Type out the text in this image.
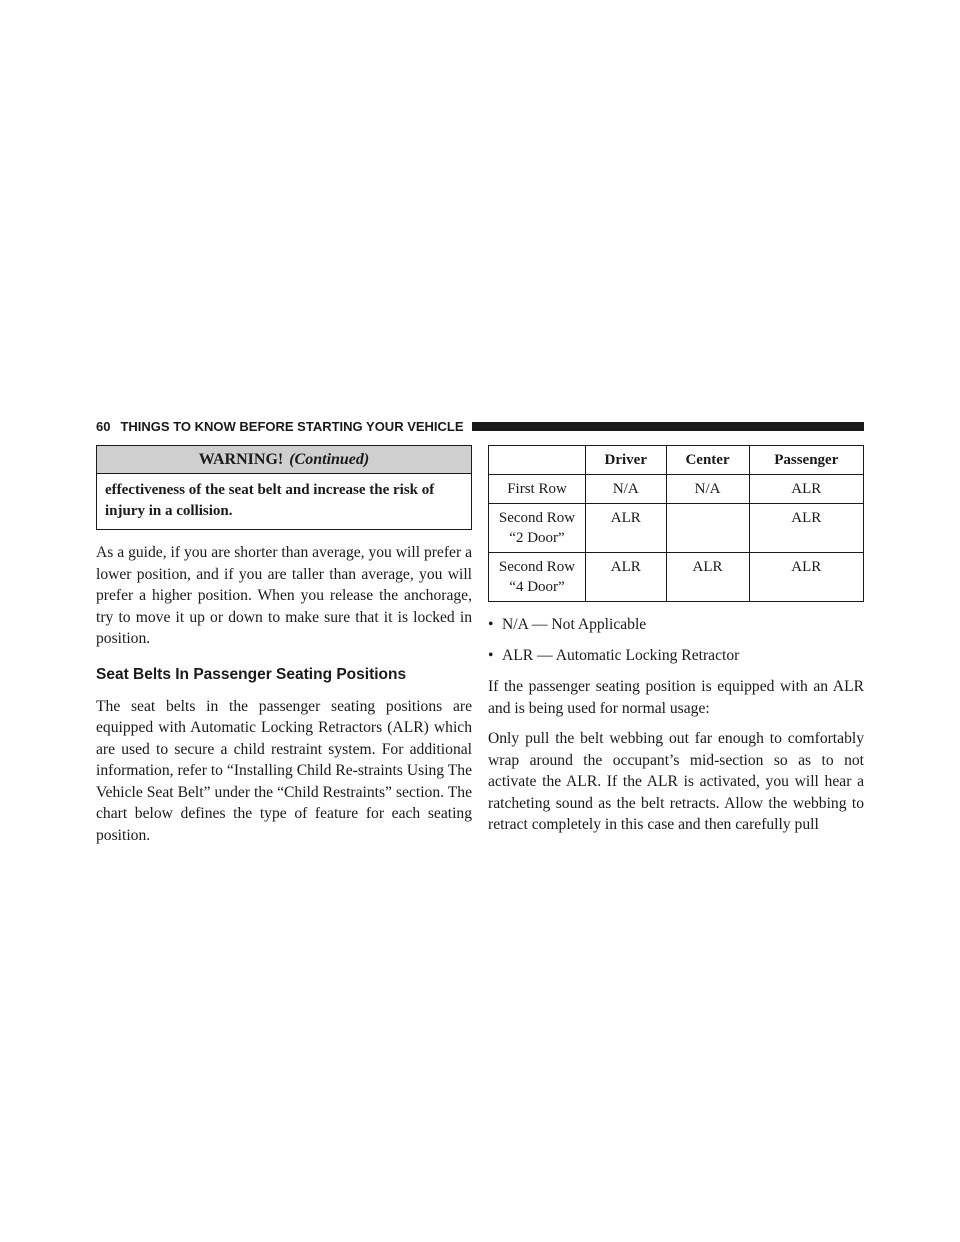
60 THINGS TO KNOW BEFORE STARTING YOUR VEHICLE
WARNING! (Continued)
effectiveness of the seat belt and increase the risk of injury in a collision.

As a guide, if you are shorter than average, you will prefer a lower position, and if you are taller than average, you will prefer a higher position. When you release the anchorage, try to move it up or down to make sure that it is locked in position.

Seat Belts In Passenger Seating Positions

The seat belts in the passenger seating positions are equipped with Automatic Locking Retractors (ALR) which are used to secure a child restraint system. For additional information, refer to “Installing Child Re-straints Using The Vehicle Seat Belt” under the “Child Restraints” section. The chart below defines the type of feature for each seating position.

	Driver	Center	Passenger
First Row	N/A	N/A	ALR
Second Row “2 Door”	ALR		ALR
Second Row “4 Door”	ALR	ALR	ALR
• N/A — Not Applicable
• ALR — Automatic Locking Retractor

If the passenger seating position is equipped with an ALR and is being used for normal usage:

Only pull the belt webbing out far enough to comfortably wrap around the occupant’s mid-section so as to not activate the ALR. If the ALR is activated, you will hear a ratcheting sound as the belt retracts. Allow the webbing to retract completely in this case and then carefully pull
